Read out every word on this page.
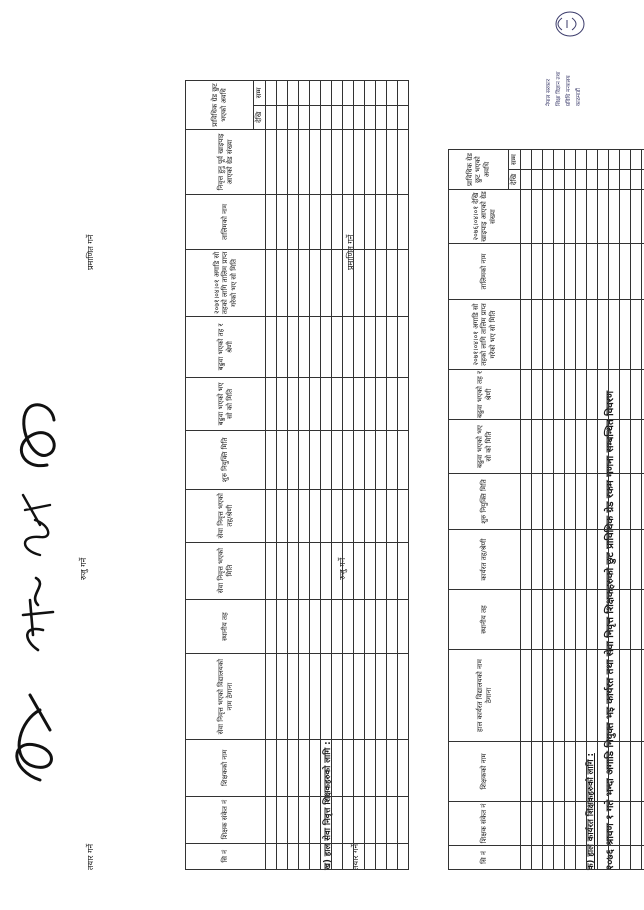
२०७६ श्रावण १ गते भन्दा अगाडि नियुक्त भइ कार्यरत तथा सेवा निवृत्त शिक्षकहरुको छुट प्राविधिक ग्रेड रकम गणना सम्बन्धित विवरण
क) हाल कार्यरत शिक्षकहरुको लागि :
सि नं	शिक्षक संकेत नं	शिक्षकको नाम	हाल कार्यरत विद्यालयको नाम ठेगाना	स्थानीय तह	कार्यरत तह/श्रेणी	शुरु नियुक्ति मिति	बढुवा भएको भए सो को मिति	बढुवा भएको तह र श्रेणी	२०७१।०४।०१ अगाडि सो तहको लागि तालिम प्राप्त गरेको भए सो मिति	तालिमको नाम	२०७६।०४।०१ देखि खाइपाइ आएको ग्रेड संख्या	प्राविधिक ग्रेड छुट भएको अवधि	
												देखि	सम्म

तयार गर्ने
रुजु गर्ने
प्रमाणित गर्ने
ख) हाल सेवा निवृत्त शिक्षकहरुको लागि :
सि नं	शिक्षक संकेत नं	शिक्षकको नाम	सेवा निवृत्त भएको विद्यालयको नाम ठेगाना	स्थानीय तह	सेवा निवृत्त भएको मिति	सेवा निवृत्त भएको तह/श्रेणी	शुरु नियुक्ति मिति	बढुवा भएको भए सो को मिति	बढुवा भएको तह र श्रेणी	२०७१।०४।०१ अगाडि सो तहको लागि तालिम प्राप्त गरेको भए सो मिति	तालिमको नाम	निवृत्त हुनु पूर्व खाइपाइ आएको ग्रेड संख्या	प्राविधिक ग्रेड छुट भएको अवधि	
													देखि	सम्म

तयार गर्ने
रुजु गर्ने
प्रमाणित गर्ने
नेपाल सरकार शिक्षा विज्ञान तथा प्रविधि मन्त्रालय काठमाडौं
